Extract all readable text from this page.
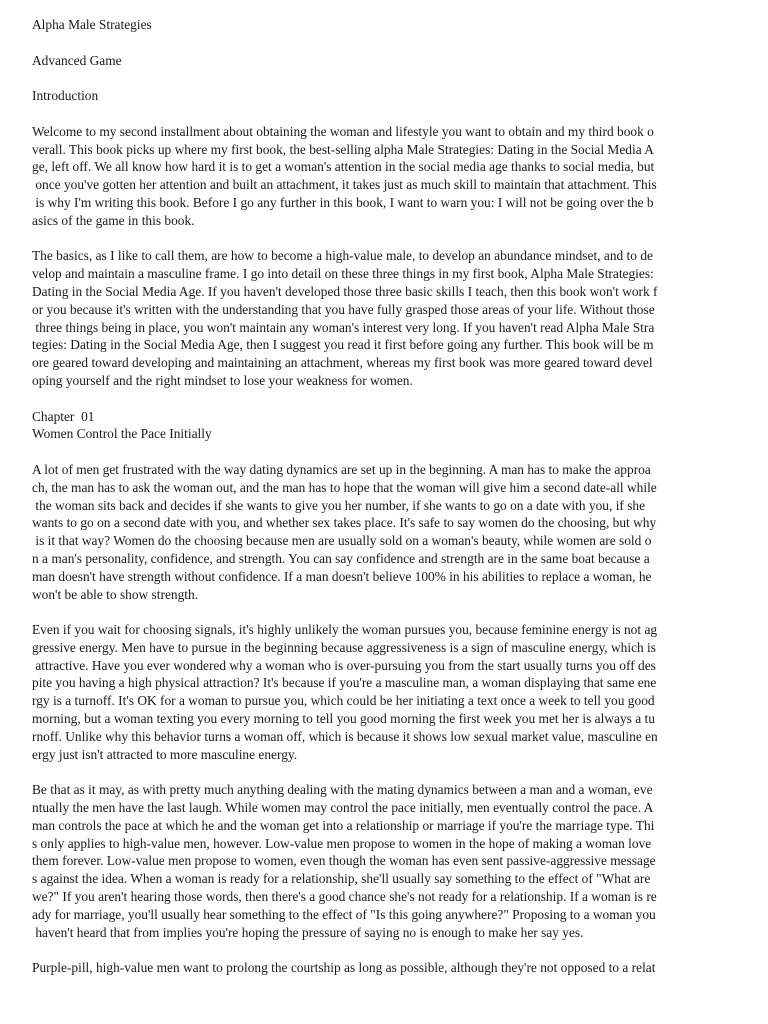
Alpha Male Strategies
Advanced Game
Introduction
Welcome to my second installment about obtaining the woman and lifestyle you want to obtain and my third book o
verall. This book picks up where my first book, the best-selling alpha Male Strategies: Dating in the Social Media A
ge, left off. We all know how hard it is to get a woman's attention in the social media age thanks to social media, but
once you've gotten her attention and built an attachment, it takes just as much skill to maintain that attachment. This
is why I'm writing this book. Before I go any further in this book, I want to warn you: I will not be going over the b
asics of the game in this book.
The basics, as I like to call them, are how to become a high-value male, to develop an abundance mindset, and to de
velop and maintain a masculine frame. I go into detail on these three things in my first book, Alpha Male Strategies:
Dating in the Social Media Age. If you haven't developed those three basic skills I teach, then this book won't work f
or you because it's written with the understanding that you have fully grasped those areas of your life. Without those
three things being in place, you won't maintain any woman's interest very long. If you haven't read Alpha Male Stra
tegies: Dating in the Social Media Age, then I suggest you read it first before going any further. This book will be m
ore geared toward developing and maintaining an attachment, whereas my first book was more geared toward devel
oping yourself and the right mindset to lose your weakness for women.
Chapter  01
Women Control the Pace Initially
A lot of men get frustrated with the way dating dynamics are set up in the beginning. A man has to make the approa
ch, the man has to ask the woman out, and the man has to hope that the woman will give him a second date-all while
the woman sits back and decides if she wants to give you her number, if she wants to go on a date with you, if she
wants to go on a second date with you, and whether sex takes place. It's safe to say women do the choosing, but why
is it that way? Women do the choosing because men are usually sold on a woman's beauty, while women are sold o
n a man's personality, confidence, and strength. You can say confidence and strength are in the same boat because a
man doesn't have strength without confidence. If a man doesn't believe 100% in his abilities to replace a woman, he
won't be able to show strength.
Even if you wait for choosing signals, it's highly unlikely the woman pursues you, because feminine energy is not ag
gressive energy. Men have to pursue in the beginning because aggressiveness is a sign of masculine energy, which is
attractive. Have you ever wondered why a woman who is over-pursuing you from the start usually turns you off des
pite you having a high physical attraction? It's because if you're a masculine man, a woman displaying that same ene
rgy is a turnoff. It's OK for a woman to pursue you, which could be her initiating a text once a week to tell you good
morning, but a woman texting you every morning to tell you good morning the first week you met her is always a tu
rnoff. Unlike why this behavior turns a woman off, which is because it shows low sexual market value, masculine en
ergy just isn't attracted to more masculine energy.
Be that as it may, as with pretty much anything dealing with the mating dynamics between a man and a woman, eve
ntually the men have the last laugh. While women may control the pace initially, men eventually control the pace. A
man controls the pace at which he and the woman get into a relationship or marriage if you're the marriage type. Thi
s only applies to high-value men, however. Low-value men propose to women in the hope of making a woman love
them forever. Low-value men propose to women, even though the woman has even sent passive-aggressive message
s against the idea. When a woman is ready for a relationship, she'll usually say something to the effect of "What are
we?" If you aren't hearing those words, then there's a good chance she's not ready for a relationship. If a woman is re
ady for marriage, you'll usually hear something to the effect of "Is this going anywhere?" Proposing to a woman you
haven't heard that from implies you're hoping the pressure of saying no is enough to make her say yes.
Purple-pill, high-value men want to prolong the courtship as long as possible, although they're not opposed to a relat
